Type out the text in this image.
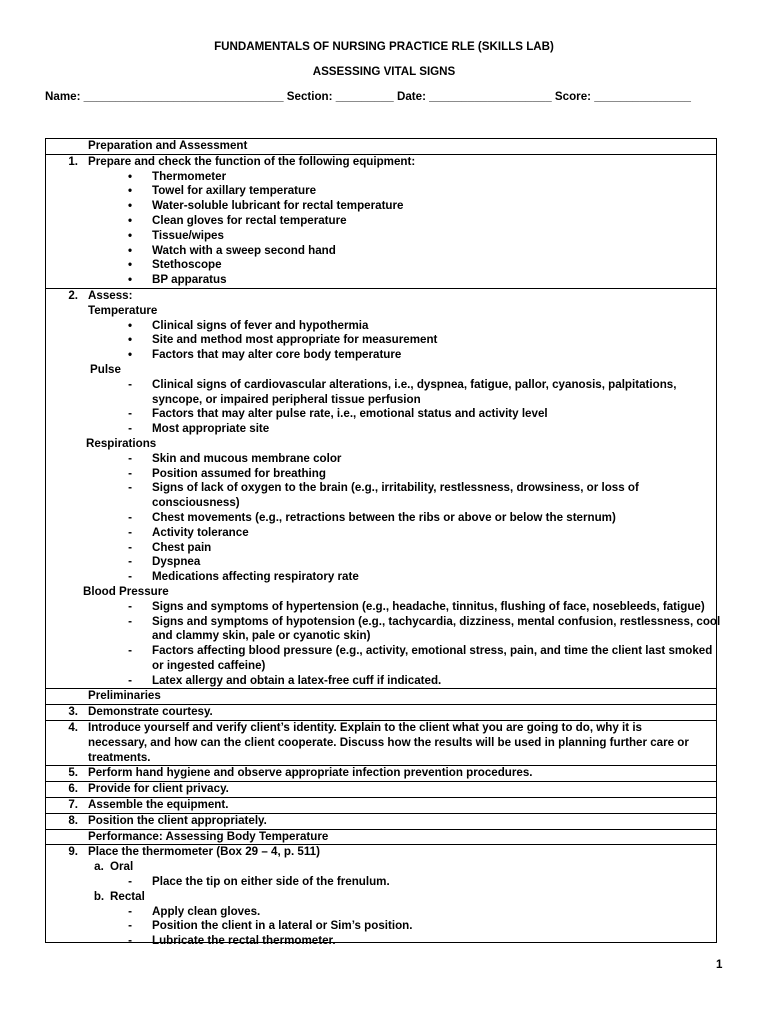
FUNDAMENTALS OF NURSING PRACTICE RLE (SKILLS LAB)
ASSESSING VITAL SIGNS
Name: _______________________________ Section: _________ Date: ___________________ Score: _______________
Preparation and Assessment
1. Prepare and check the function of the following equipment:
•	Thermometer
•	Towel for axillary temperature
•	Water-soluble lubricant for rectal temperature
•	Clean gloves for rectal temperature
•	Tissue/wipes
•	Watch with a sweep second hand
•	Stethoscope
•	BP apparatus
2. Assess:
Temperature
•	Clinical signs of fever and hypothermia
•	Site and method most appropriate for measurement
•	Factors that may alter core body temperature
Pulse
-	Clinical signs of cardiovascular alterations, i.e., dyspnea, fatigue, pallor, cyanosis, palpitations,
syncope, or impaired peripheral tissue perfusion
-	Factors that may alter pulse rate, i.e., emotional status and activity level
-	Most appropriate site
Respirations
-	Skin and mucous membrane color
-	Position assumed for breathing
-	Signs of lack of oxygen to the brain (e.g., irritability, restlessness, drowsiness, or loss of
consciousness)
-	Chest movements (e.g., retractions between the ribs or above or below the sternum)
-	Activity tolerance
-	Chest pain
-	Dyspnea
-	Medications affecting respiratory rate
Blood Pressure
-	Signs and symptoms of hypertension (e.g., headache, tinnitus, flushing of face, nosebleeds, fatigue)
-	Signs and symptoms of hypotension (e.g., tachycardia, dizziness, mental confusion, restlessness, cool
and clammy skin, pale or cyanotic skin)
-	Factors affecting blood pressure (e.g., activity, emotional stress, pain, and time the client last smoked
or ingested caffeine)
-	Latex allergy and obtain a latex-free cuff if indicated.
Preliminaries
3. Demonstrate courtesy.
4. Introduce yourself and verify client’s identity. Explain to the client what you are going to do, why it is
necessary, and how can the client cooperate. Discuss how the results will be used in planning further care or
treatments.
5. Perform hand hygiene and observe appropriate infection prevention procedures.
6. Provide for client privacy.
7. Assemble the equipment.
8. Position the client appropriately.
Performance: Assessing Body Temperature
9. Place the thermometer (Box 29 – 4, p. 511)
a. Oral
-	Place the tip on either side of the frenulum.
b. Rectal
-	Apply clean gloves.
-	Position the client in a lateral or Sim’s position.
-	Lubricate the rectal thermometer.
1
